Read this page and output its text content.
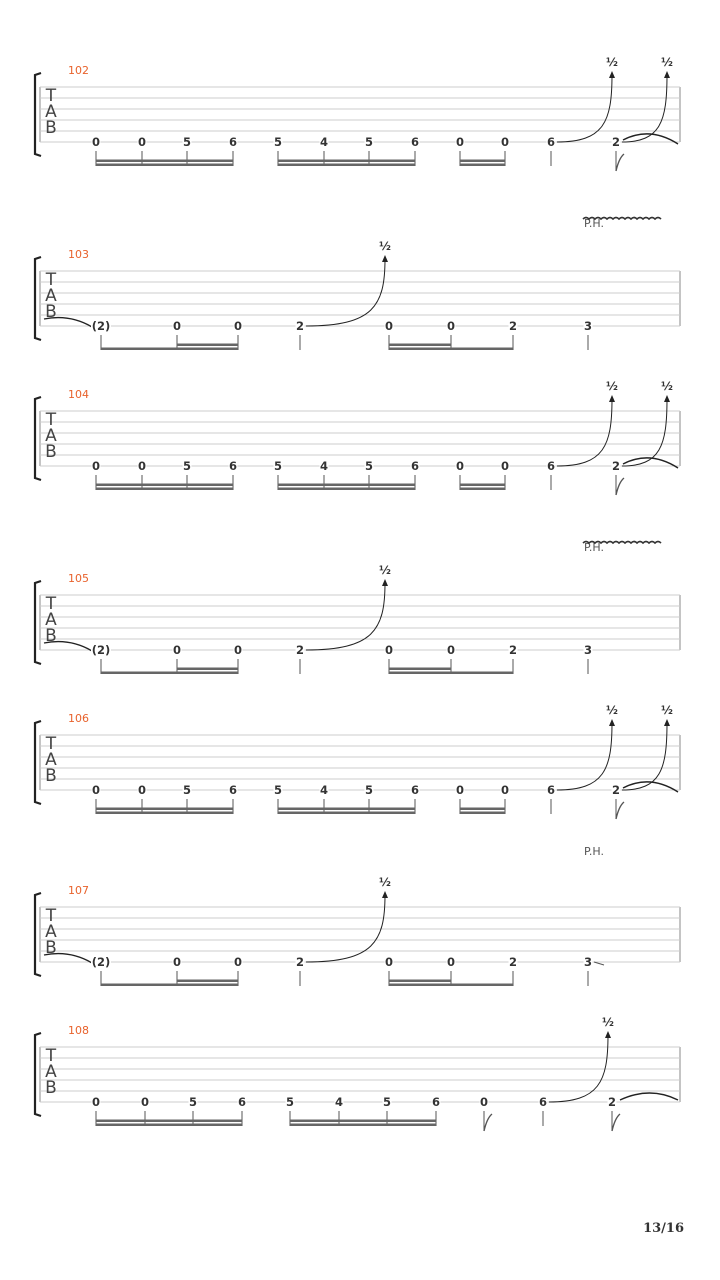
T
A
B
102
0	0	5	6	5	4	5	6	0	0	6	2
½	½
T
A
B
103
(2)	0	0	2	0	0	2	3
½
P.H.
T
A
B
104
0	0	5	6	5	4	5	6	0	0	6	2
½	½
T
A
B
105
(2)	0	0	2	0	0	2	3
½
P.H.
T
A
B
106
0	0	5	6	5	4	5	6	0	0	6	2
½	½
T
A
B
107
(2)	0	0	2	0	0	2	3
½
P.H.
T
A
B
108
0	0	5	6	5	4	5	6	0	6	2
½
13/16
